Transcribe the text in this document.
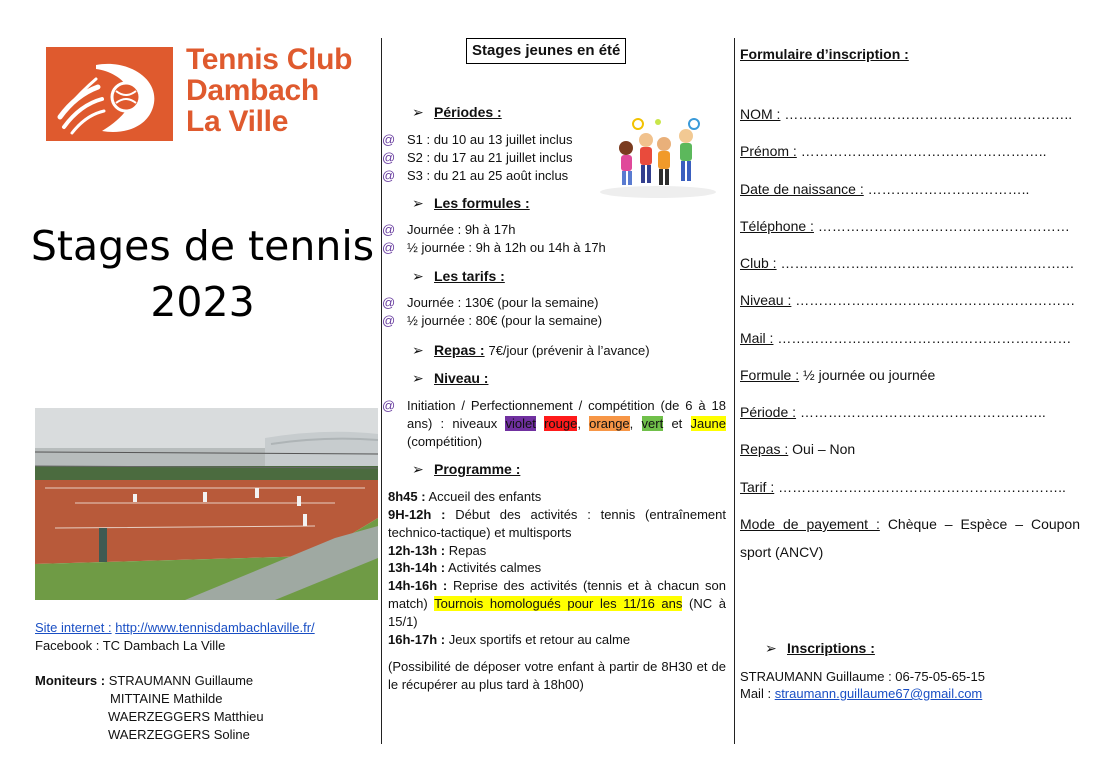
Tennis Club
Dambach
La Ville
Stages de tennis
2023
Site internet : http://www.tennisdambachlaville.fr/
Facebook : TC Dambach La Ville
Moniteurs : STRAUMANN Guillaume
MITTAINE Mathilde
WAERZEGGERS Matthieu
WAERZEGGERS Soline
Stages jeunes en été
➢ Périodes :
@ S1 : du 10 au 13 juillet inclus
@ S2 : du 17 au 21 juillet inclus
@ S3 : du 21 au 25 août inclus
➢ Les formules :
@ Journée : 9h à 17h
@ ½ journée : 9h à 12h ou 14h à 17h
➢ Les tarifs :
@ Journée : 130€ (pour la semaine)
@ ½ journée : 80€ (pour la semaine)
➢ Repas : 7€/jour (prévenir à l’avance)
➢ Niveau :
@ Initiation / Perfectionnement / compétition (de 6 à 18 ans) : niveaux violet rouge, orange, vert et Jaune (compétition)
➢ Programme :
8h45 : Accueil des enfants
9H-12h : Début des activités : tennis (entraînement technico-tactique) et multisports
12h-13h : Repas
13h-14h : Activités calmes
14h-16h : Reprise des activités (tennis et à chacun son match) Tournois homologués pour les 11/16 ans (NC à 15/1)
16h-17h : Jeux sportifs et retour au calme
(Possibilité de déposer votre enfant à partir de 8H30 et de le récupérer au plus tard à 18h00)
Formulaire d’inscription :
NOM : ……………………………………………………..
Prénom : ……………………………………………..
Date de naissance : ……………………………..
Téléphone : ………………………………………………
Club : ………………………………………………………
Niveau : ……………………………………………………
Mail : ………………………………………………………
Formule : ½ journée ou journée
Période : ……………………………………………..
Repas : Oui – Non
Tarif : ……………………………………………………..
Mode de payement : Chèque – Espèce – Coupon
sport (ANCV)
➢ Inscriptions :
STRAUMANN Guillaume : 06-75-05-65-15
Mail : straumann.guillaume67@gmail.com
